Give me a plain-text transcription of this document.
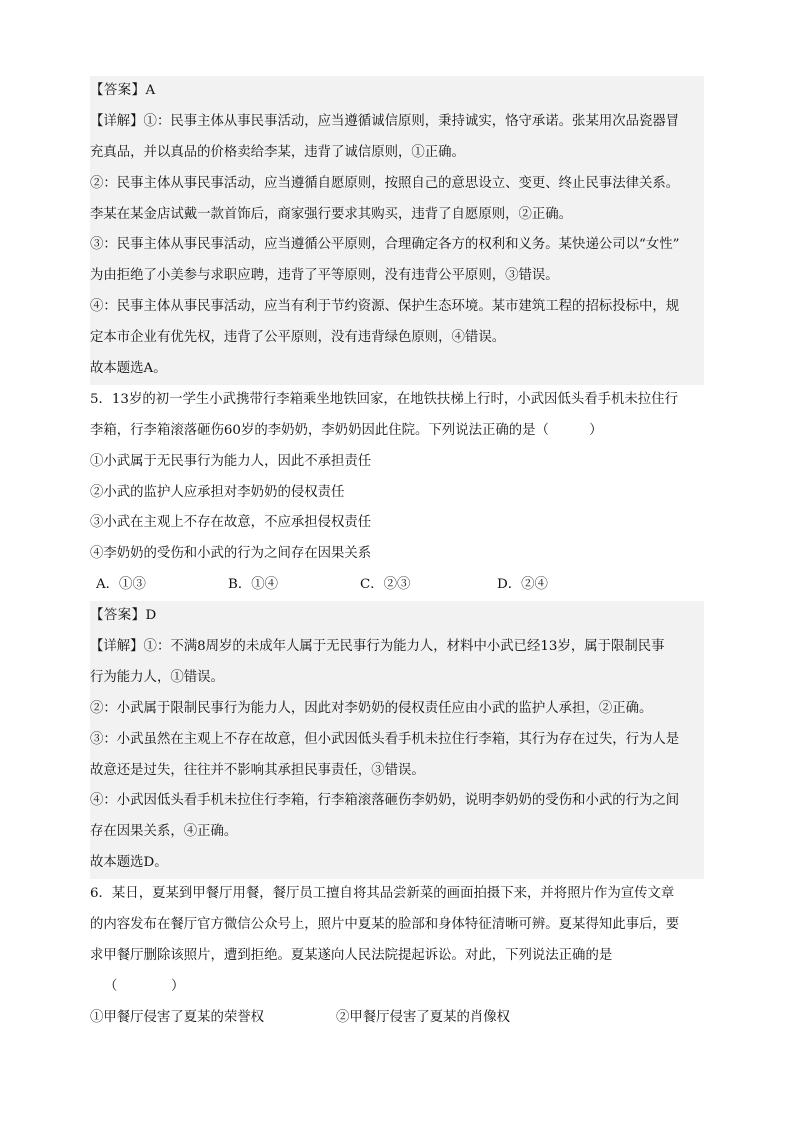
【答案】A
【详解】①：民事主体从事民事活动，应当遵循诚信原则，秉持诚实，恪守承诺。张某用次品瓷器冒
充真品，并以真品的价格卖给李某，违背了诚信原则，①正确。
②：民事主体从事民事活动，应当遵循自愿原则，按照自己的意思设立、变更、终止民事法律关系。
李某在某金店试戴一款首饰后，商家强行要求其购买，违背了自愿原则，②正确。
③：民事主体从事民事活动，应当遵循公平原则，合理确定各方的权利和义务。某快递公司以“女性”
为由拒绝了小美参与求职应聘，违背了平等原则，没有违背公平原则，③错误。
④：民事主体从事民事活动，应当有利于节约资源、保护生态环境。某市建筑工程的招标投标中，规
定本市企业有优先权，违背了公平原则，没有违背绿色原则，④错误。
故本题选A。
5．13岁的初一学生小武携带行李箱乘坐地铁回家，在地铁扶梯上行时，小武因低头看手机未拉住行
李箱，行李箱滚落砸伤60岁的李奶奶，李奶奶因此住院。下列说法正确的是（　　　）
①小武属于无民事行为能力人，因此不承担责任
②小武的监护人应承担对李奶奶的侵权责任
③小武在主观上不存在故意，不应承担侵权责任
④李奶奶的受伤和小武的行为之间存在因果关系
A．①③	B．①④	C．②③	D．②④
【答案】D
【详解】①：不满8周岁的未成年人属于无民事行为能力人，材料中小武已经13岁，属于限制民事
行为能力人，①错误。
②：小武属于限制民事行为能力人，因此对李奶奶的侵权责任应由小武的监护人承担，②正确。
③：小武虽然在主观上不存在故意，但小武因低头看手机未拉住行李箱，其行为存在过失，行为人是
故意还是过失，往往并不影响其承担民事责任，③错误。
④：小武因低头看手机未拉住行李箱，行李箱滚落砸伤李奶奶，说明李奶奶的受伤和小武的行为之间
存在因果关系，④正确。
故本题选D。
6．某日，夏某到甲餐厅用餐，餐厅员工擅自将其品尝新菜的画面拍摄下来，并将照片作为宣传文章
的内容发布在餐厅官方微信公众号上，照片中夏某的脸部和身体特征清晰可辨。夏某得知此事后，要
求甲餐厅删除该照片，遭到拒绝。夏某遂向人民法院提起诉讼。对此，下列说法正确的是
（　　　　）
①甲餐厅侵害了夏某的荣誉权	②甲餐厅侵害了夏某的肖像权
